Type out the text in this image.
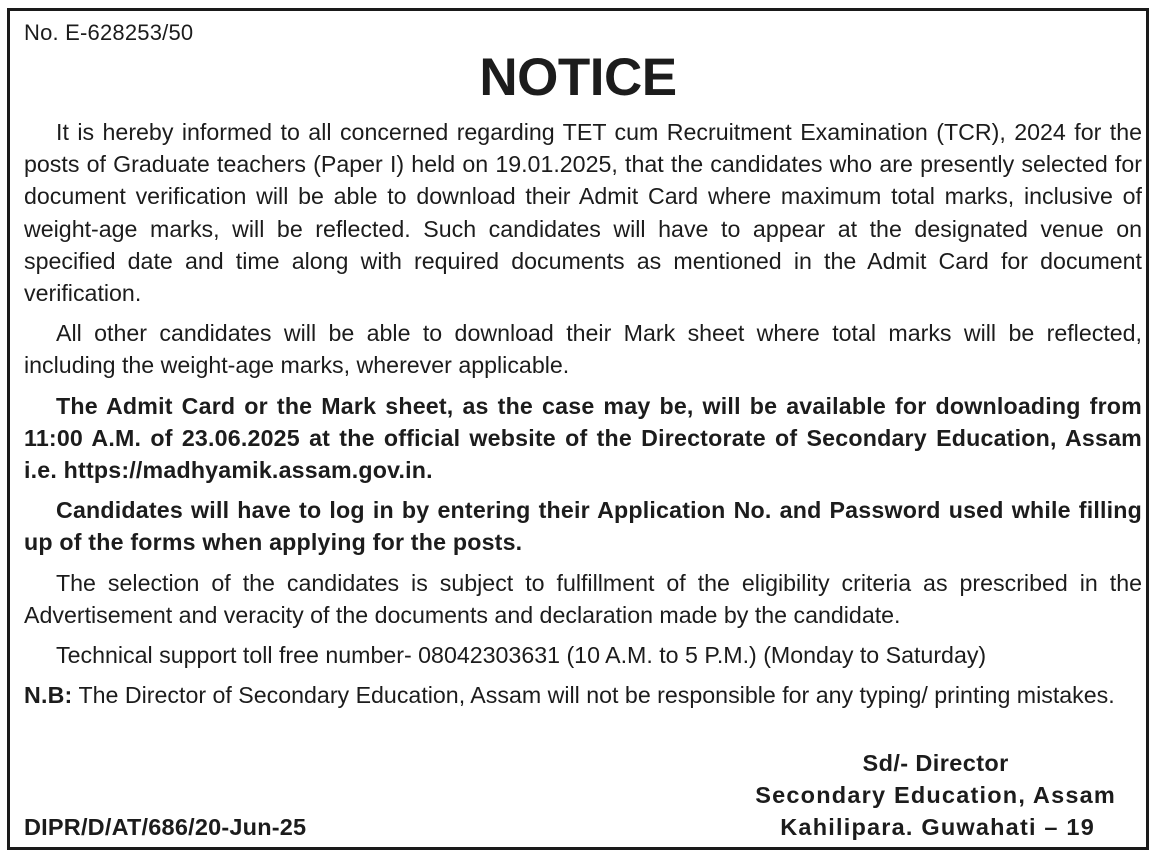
No. E-628253/50
NOTICE

It is hereby informed to all concerned regarding TET cum Recruitment Examination (TCR), 2024 for the posts of Graduate teachers (Paper I) held on 19.01.2025, that the candidates who are presently selected for document verification will be able to download their Admit Card where maximum total marks, inclusive of weight-age marks, will be reflected. Such candidates will have to appear at the designated venue on specified date and time along with required documents as mentioned in the Admit Card for document verification.

All other candidates will be able to download their Mark sheet where total marks will be reflected, including the weight-age marks, wherever applicable.

The Admit Card or the Mark sheet, as the case may be, will be available for downloading from 11:00 A.M. of 23.06.2025 at the official website of the Directorate of Secondary Education, Assam i.e. https://madhyamik.assam.gov.in.

Candidates will have to log in by entering their Application No. and Password used while filling up of the forms when applying for the posts.

The selection of the candidates is subject to fulfillment of the eligibility criteria as prescribed in the Advertisement and veracity of the documents and declaration made by the candidate.

Technical support toll free number- 08042303631 (10 A.M. to 5 P.M.) (Monday to Saturday)

N.B: The Director of Secondary Education, Assam will not be responsible for any typing/ printing mistakes.

Sd/- Director
Secondary Education, Assam
Kahilipara. Guwahati – 19
DIPR/D/AT/686/20-Jun-25
